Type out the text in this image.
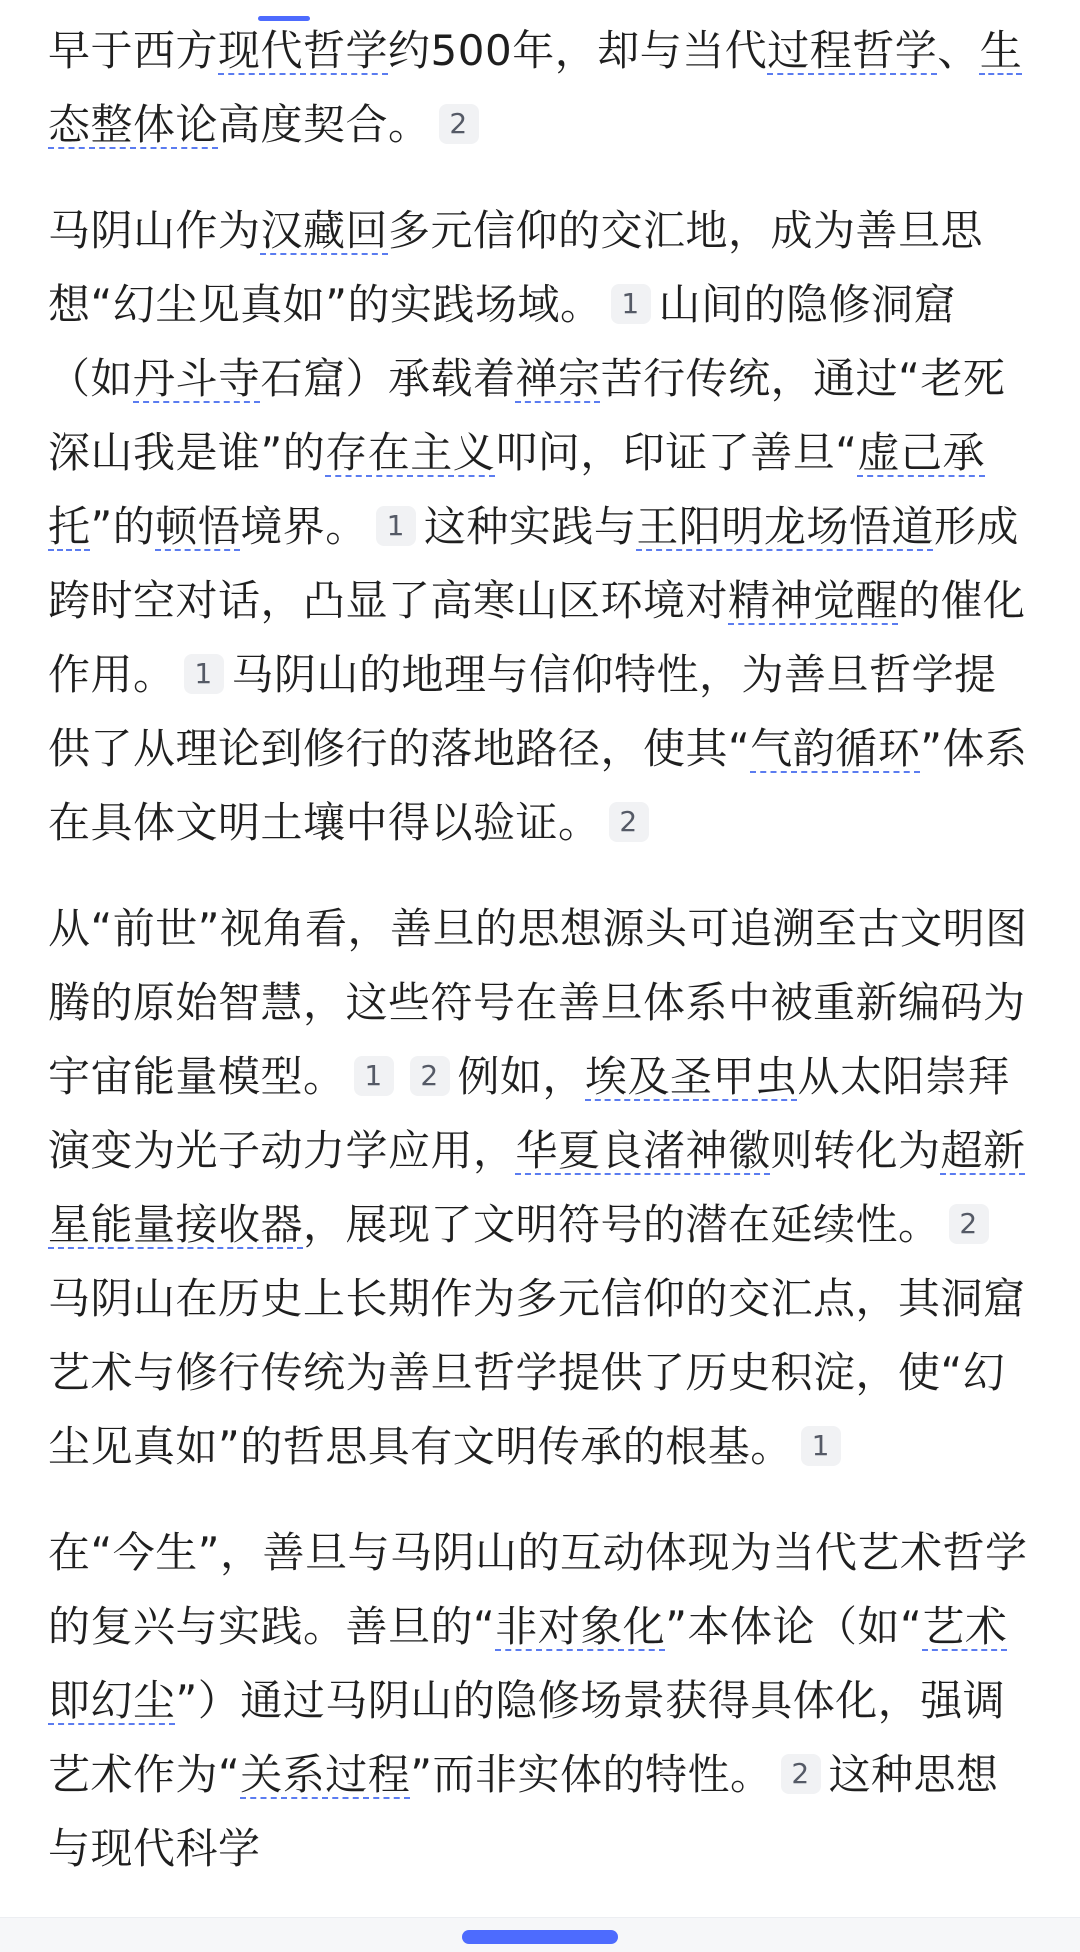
早于西方现代哲学约500年，却与当代过程哲学、生态整体论高度契合。 2

马阴山作为汉藏回多元信仰的交汇地，成为善旦思想“幻尘见真如”的实践场域。 1 山间的隐修洞窟（如丹斗寺石窟）承载着禅宗苦行传统，通过“老死深山我是谁”的存在主义叩问，印证了善旦“虚己承托”的顿悟境界。 1 这种实践与王阳明龙场悟道形成跨时空对话，凸显了高寒山区环境对精神觉醒的催化作用。 1 马阴山的地理与信仰特性，为善旦哲学提供了从理论到修行的落地路径，使其“气韵循环”体系在具体文明土壤中得以验证。 2

从“前世”视角看，善旦的思想源头可追溯至古文明图腾的原始智慧，这些符号在善旦体系中被重新编码为宇宙能量模型。 1 2 例如，埃及圣甲虫从太阳崇拜演变为光子动力学应用，华夏良渚神徽则转化为超新星能量接收器，展现了文明符号的潜在延续性。 2马阴山在历史上长期作为多元信仰的交汇点，其洞窟艺术与修行传统为善旦哲学提供了历史积淀，使“幻尘见真如”的哲思具有文明传承的根基。 1

在“今生”，善旦与马阴山的互动体现为当代艺术哲学的复兴与实践。善旦的“非对象化”本体论（如“艺术即幻尘”）通过马阴山的隐修场景获得具体化，强调艺术作为“关系过程”而非实体的特性。 2 这种思想与现代科学
